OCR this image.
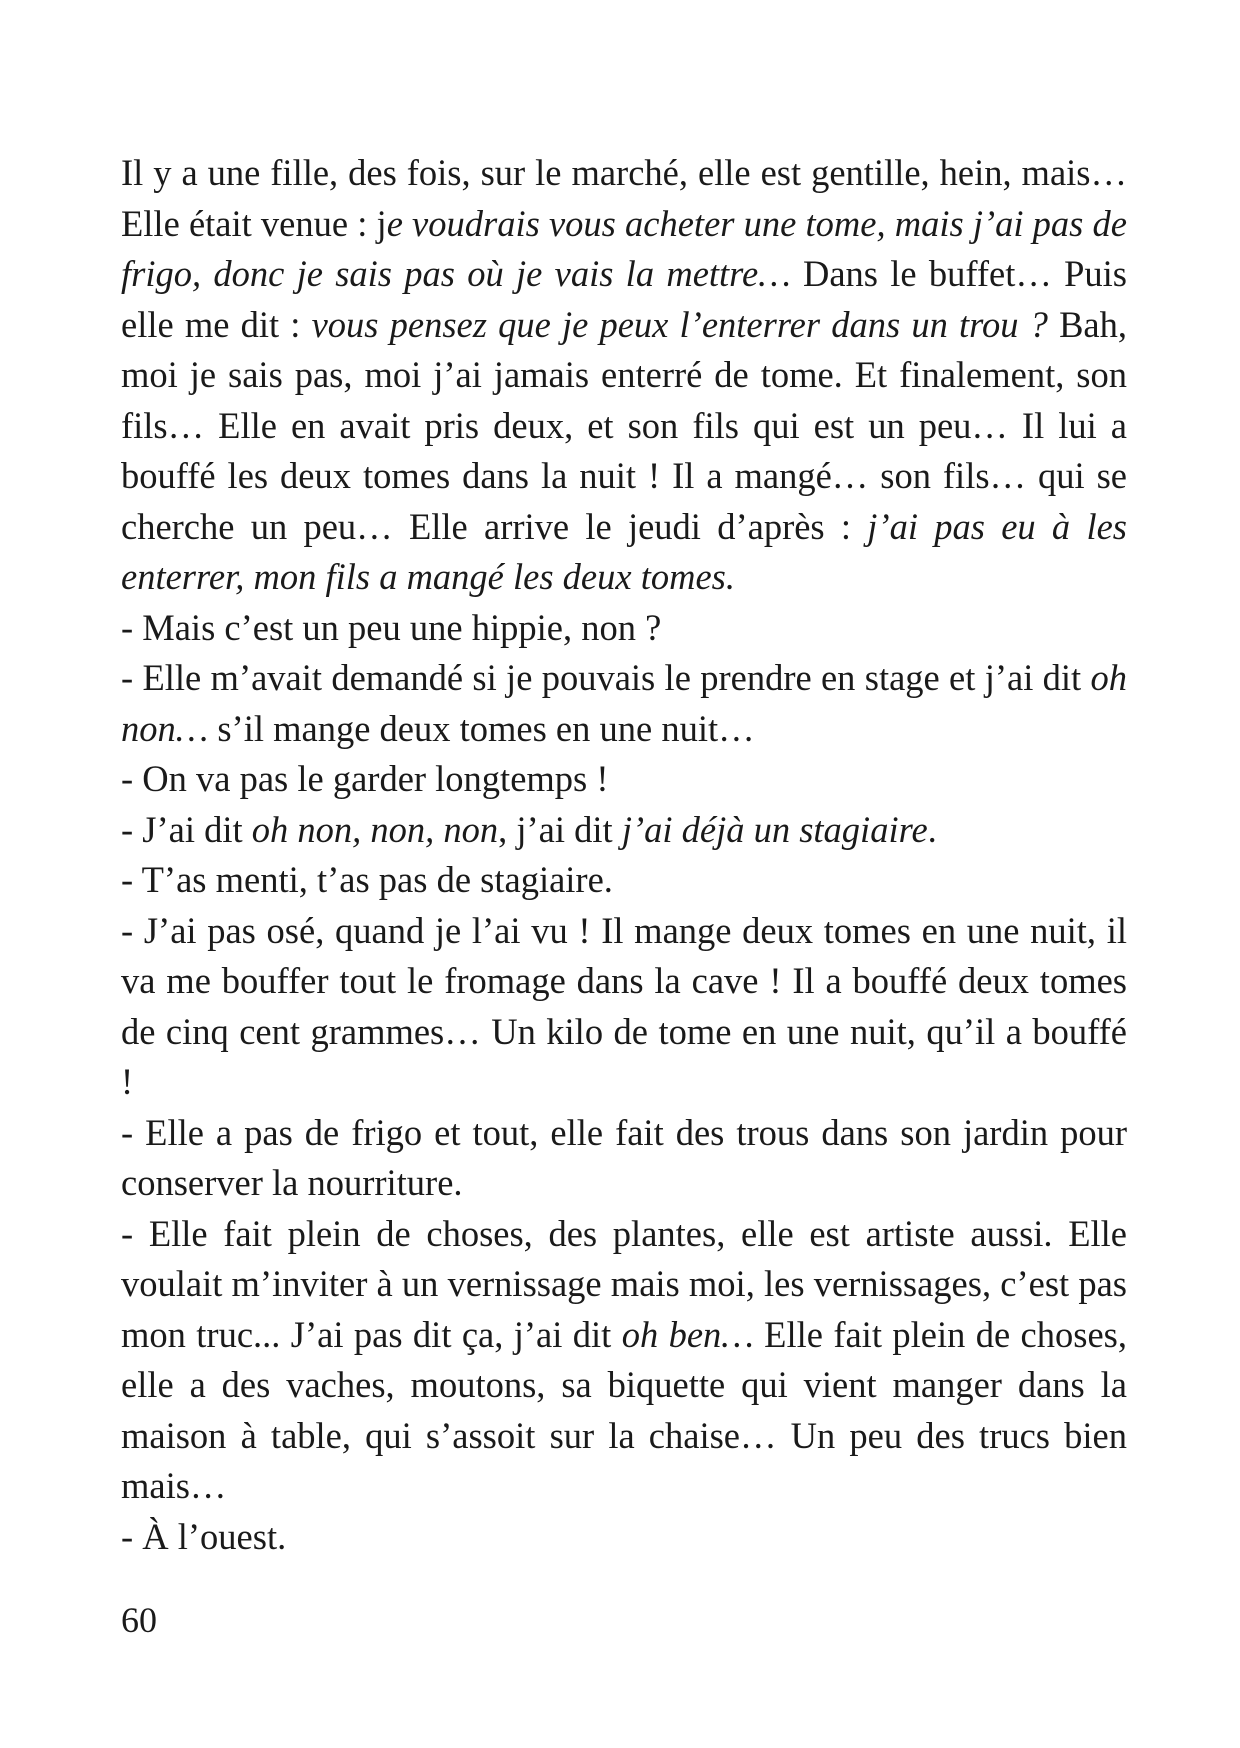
Il y a une fille, des fois, sur le marché, elle est gentille, hein, mais… Elle était venue : je voudrais vous acheter une tome, mais j’ai pas de frigo, donc je sais pas où je vais la mettre… Dans le buffet… Puis elle me dit : vous pensez que je peux l’enterrer dans un trou ? Bah, moi je sais pas, moi j’ai jamais enterré de tome. Et finalement, son fils… Elle en avait pris deux, et son fils qui est un peu… Il lui a bouffé les deux tomes dans la nuit ! Il a mangé… son fils… qui se cherche un peu… Elle arrive le jeudi d’après : j’ai pas eu à les enterrer, mon fils a mangé les deux tomes.

- Mais c’est un peu une hippie, non ?

- Elle m’avait demandé si je pouvais le prendre en stage et j’ai dit oh non… s’il mange deux tomes en une nuit…

- On va pas le garder longtemps !

- J’ai dit oh non, non, non, j’ai dit j’ai déjà un stagiaire.

- T’as menti, t’as pas de stagiaire.

- J’ai pas osé, quand je l’ai vu ! Il mange deux tomes en une nuit, il va me bouffer tout le fromage dans la cave ! Il a bouffé deux tomes de cinq cent grammes… Un kilo de tome en une nuit, qu’il a bouffé !

- Elle a pas de frigo et tout, elle fait des trous dans son jardin pour conserver la nourriture.

- Elle fait plein de choses, des plantes, elle est artiste aussi. Elle voulait m’inviter à un vernissage mais moi, les vernissages, c’est pas mon truc... J’ai pas dit ça, j’ai dit oh ben… Elle fait plein de choses, elle a des vaches, moutons, sa biquette qui vient manger dans la maison à table, qui s’assoit sur la chaise… Un peu des trucs bien mais…

- À l’ouest.

60
